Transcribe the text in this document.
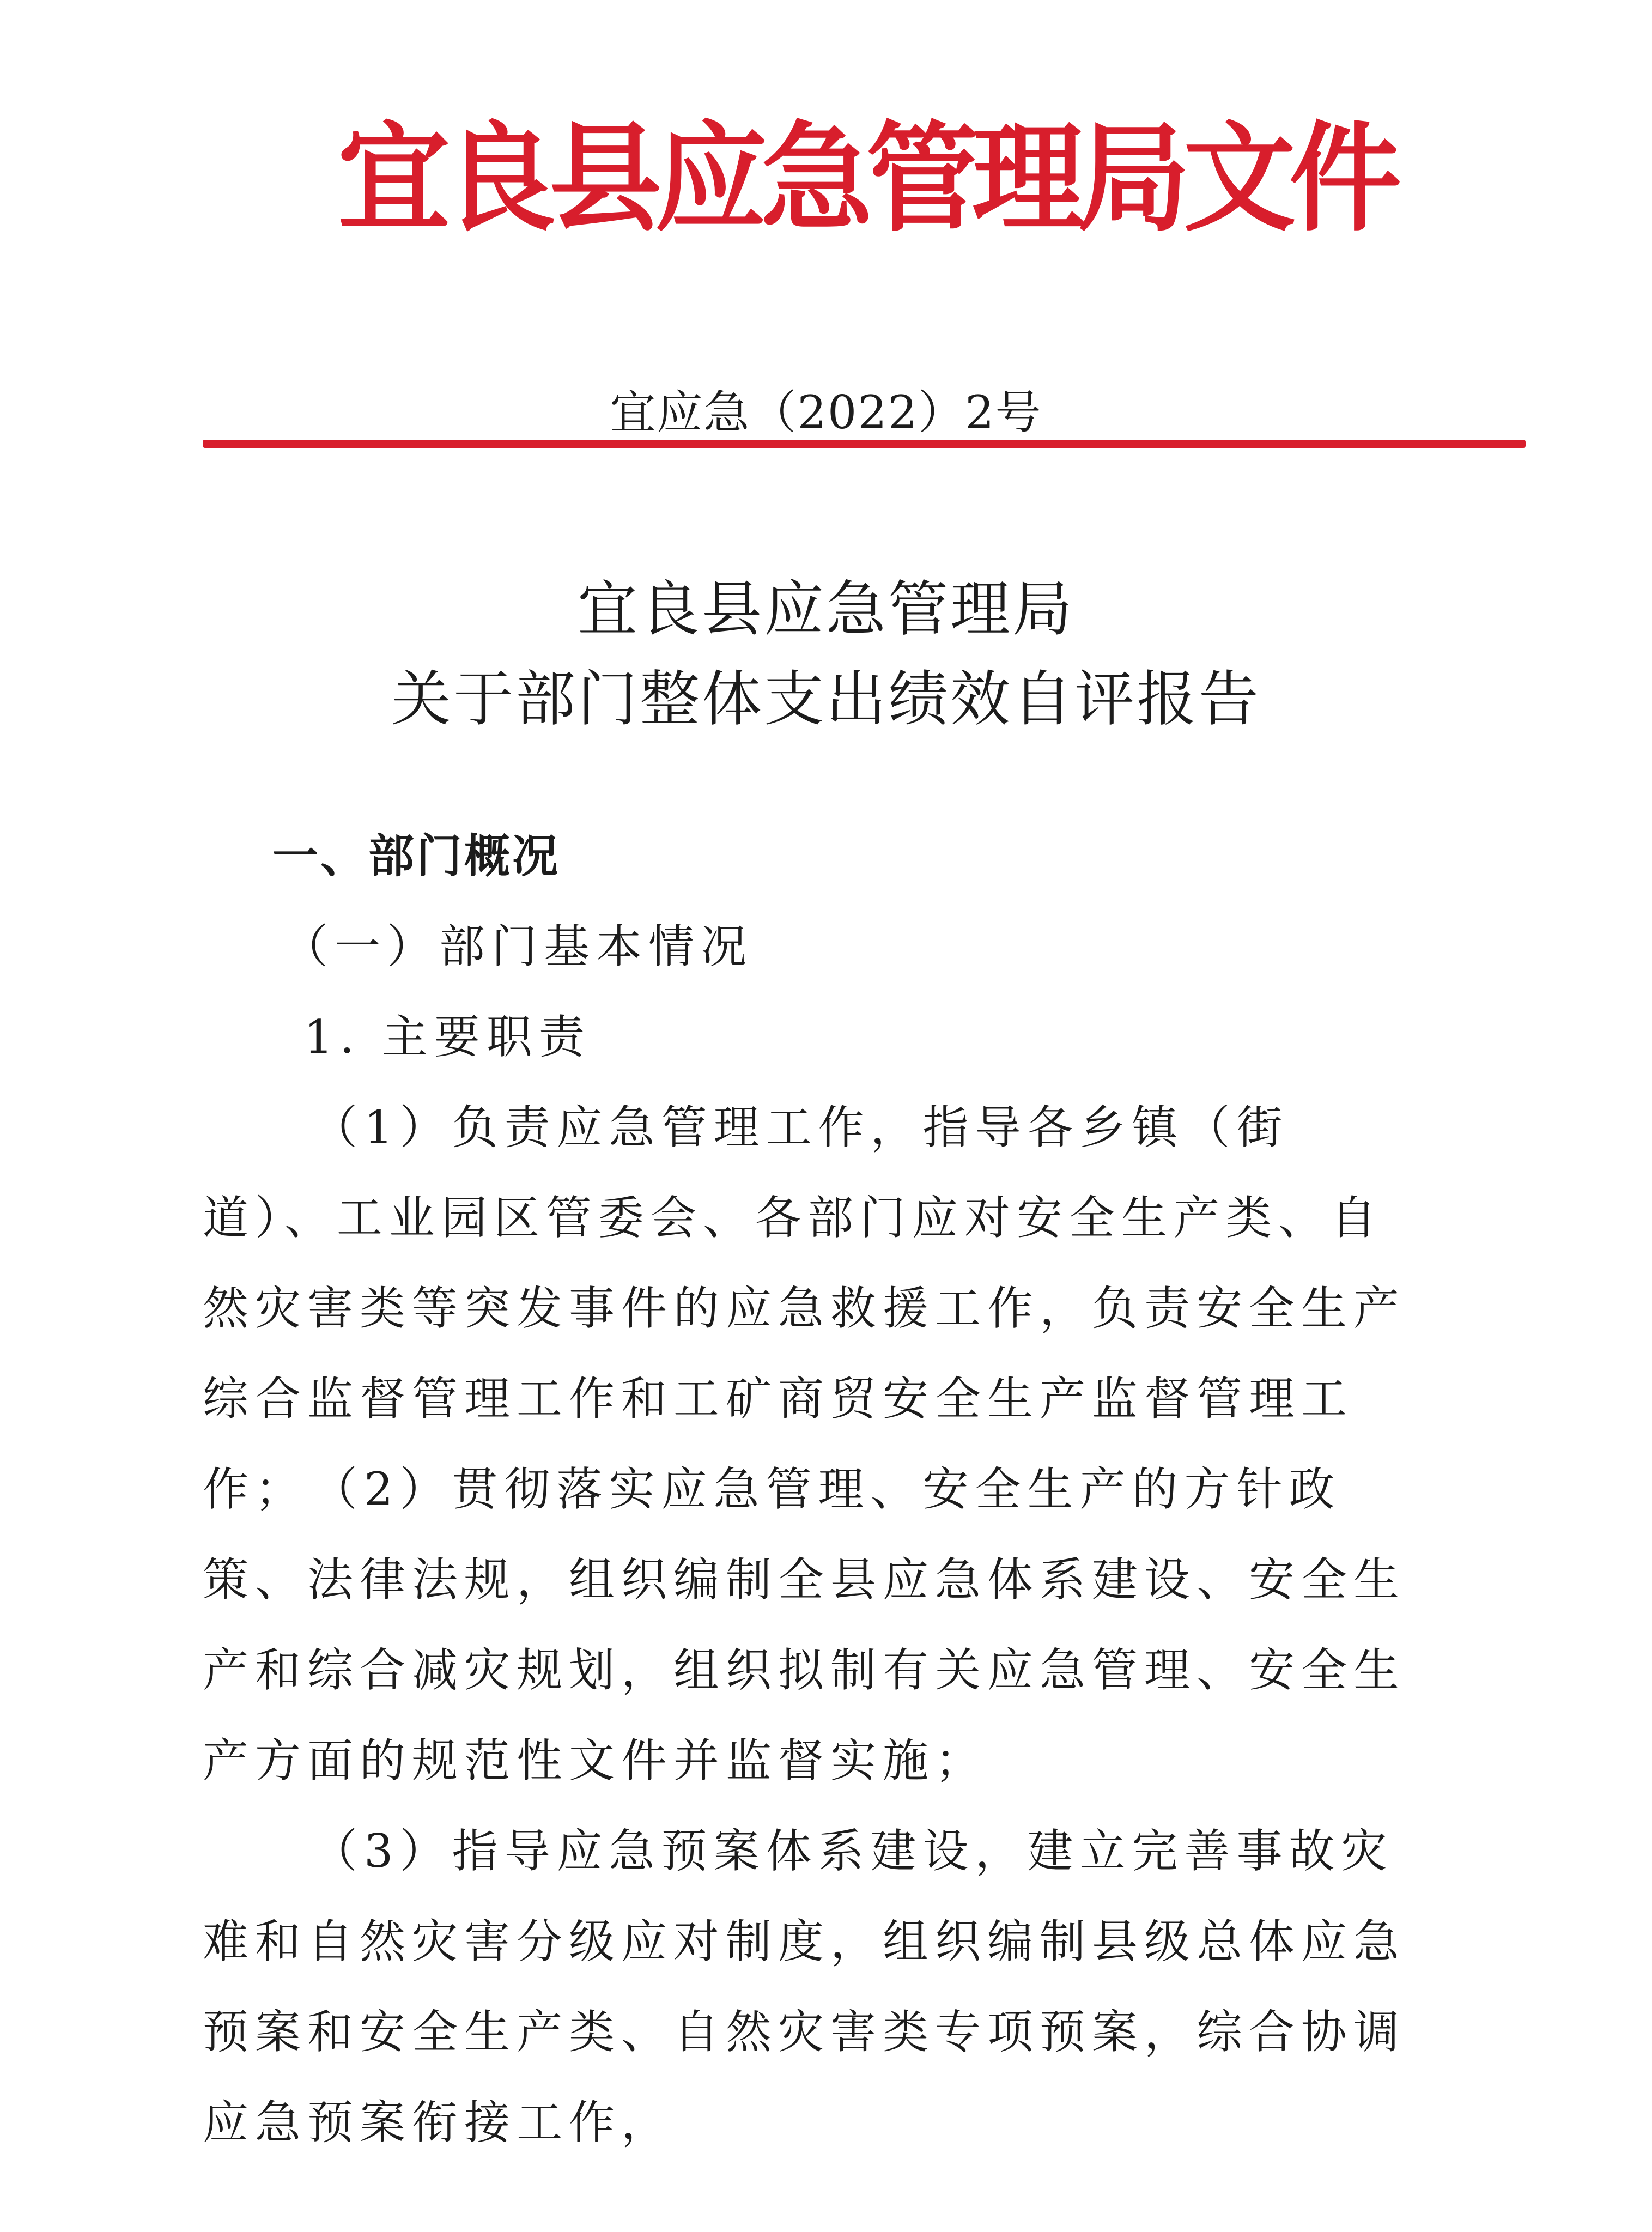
宜良县应急管理局文件
宜应急（2022）2号
宜良县应急管理局
关于部门整体支出绩效自评报告
一、部门概况
（一）部门基本情况
1. 主要职责
（1）负责应急管理工作，指导各乡镇（街道）、工业园区管委会、各部门应对安全生产类、自然灾害类等突发事件的应急救援工作，负责安全生产综合监督管理工作和工矿商贸安全生产监督管理工作； （2）贯彻落实应急管理、安全生产的方针政策、法律法规，组织编制全县应急体系建设、安全生产和综合减灾规划，组织拟制有关应急管理、安全生产方面的规范性文件并监督实施；
（3）指导应急预案体系建设，建立完善事故灾难和自然灾害分级应对制度，组织编制县级总体应急预案和安全生产类、自然灾害类专项预案，综合协调应急预案衔接工作，
